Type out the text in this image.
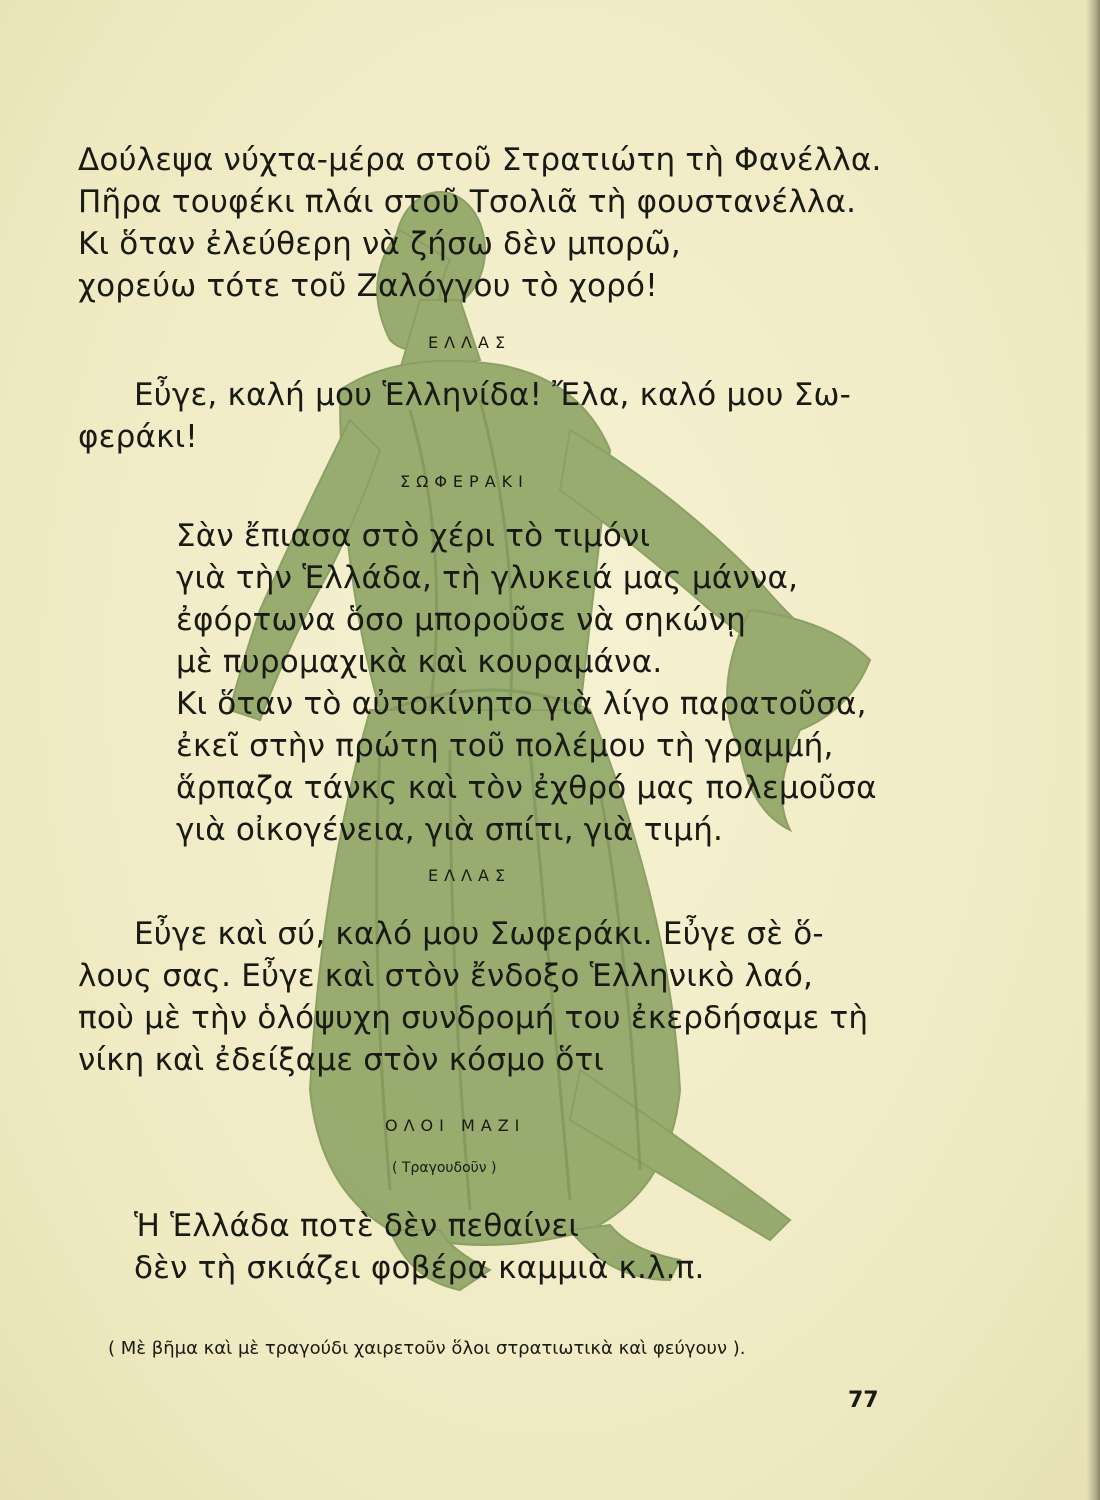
Δούλεψα νύχτα-μέρα στοῦ Στρατιώτη τὴ Φανέλλα.
Πῆρα τουφέκι πλάι στοῦ Τσολιᾶ τὴ φουστανέλλα.
Κι ὅταν ἐλεύθερη νὰ ζήσω δὲν μπορῶ,
χορεύω τότε τοῦ Ζαλόγγου τὸ χορό!
ΕΛΛΑΣ
Εὖγε, καλή μου Ἑλληνίδα! Ἔλα, καλό μου Σω-
φεράκι!
ΣΩΦΕΡΑΚΙ
Σὰν ἔπιασα στὸ χέρι τὸ τιμόνι
γιὰ τὴν Ἑλλάδα, τὴ γλυκειά μας μάννα,
ἐφόρτωνα ὅσο μποροῦσε νὰ σηκώνῃ
μὲ πυρομαχικὰ καὶ κουραμάνα.
Κι ὅταν τὸ αὐτοκίνητο γιὰ λίγο παρατοῦσα,
ἐκεῖ στὴν πρώτη τοῦ πολέμου τὴ γραμμή,
ἅρπαζα τάνκς καὶ τὸν ἐχθρό μας πολεμοῦσα
γιὰ οἰκογένεια, γιὰ σπίτι, γιὰ τιμή.
ΕΛΛΑΣ
Εὖγε καὶ σύ, καλό μου Σωφεράκι. Εὖγε σὲ ὅ-
λους σας. Εὖγε καὶ στὸν ἔνδοξο Ἑλληνικὸ λαό,
ποὺ μὲ τὴν ὁλόψυχη συνδρομή του ἐκερδήσαμε τὴ
νίκη καὶ ἐδείξαμε στὸν κόσμο ὅτι
ΟΛΟΙ ΜΑΖΙ
( Τραγουδοῦν )
Ἡ Ἑλλάδα ποτὲ δὲν πεθαίνει
δὲν τὴ σκιάζει φοβέρα καμμιὰ κ.λ.π.
( Μὲ βῆμα καὶ μὲ τραγούδι χαιρετοῦν ὅλοι στρατιωτικὰ καὶ φεύγουν ).
77
